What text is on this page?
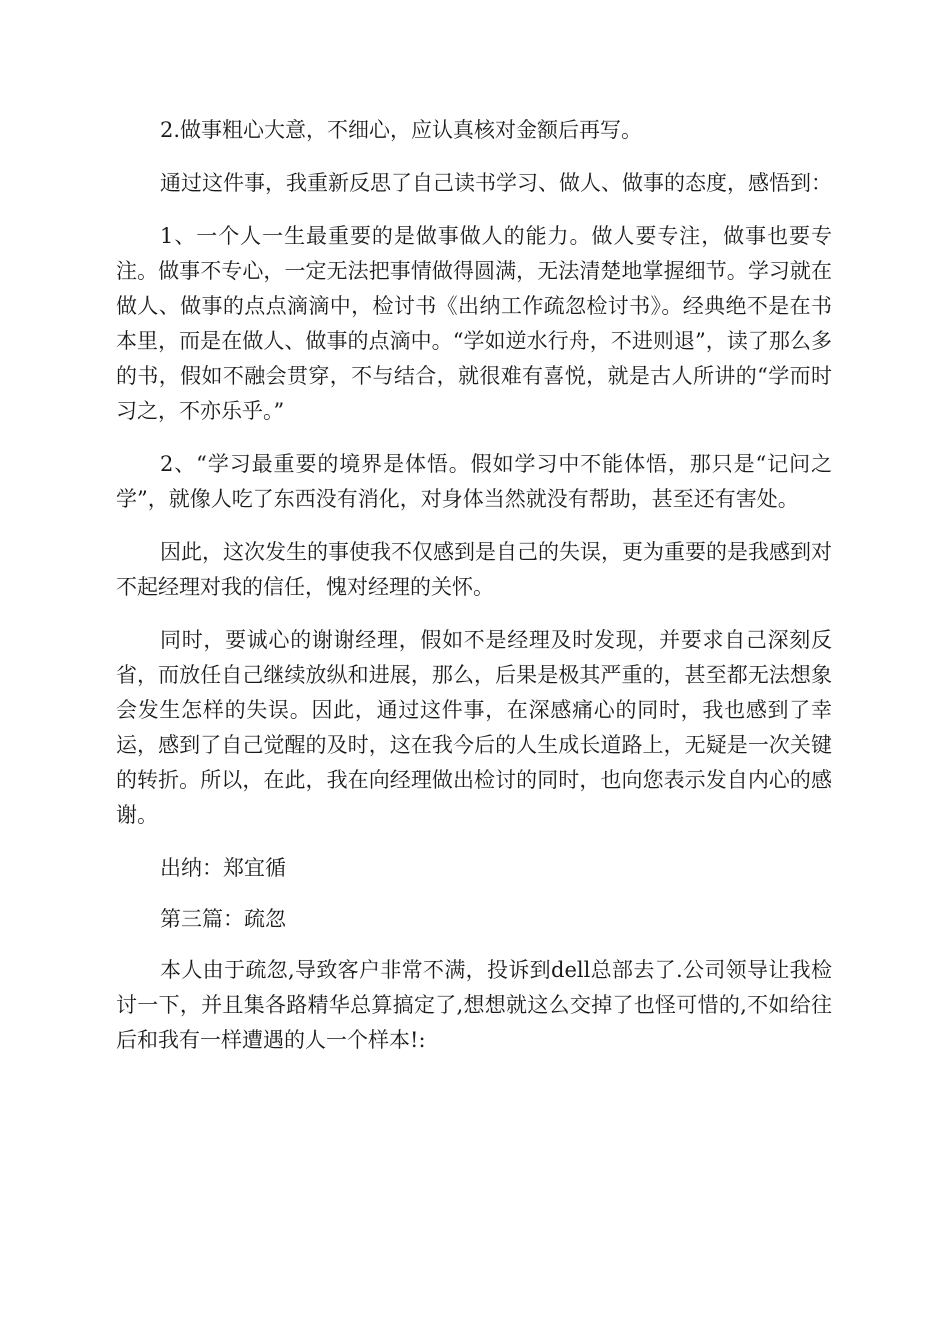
2.做事粗心大意，不细心，应认真核对金额后再写。

通过这件事，我重新反思了自己读书学习、做人、做事的态度，感悟到：

1、一个人一生最重要的是做事做人的能力。做人要专注，做事也要专注。做事不专心，一定无法把事情做得圆满，无法清楚地掌握细节。学习就在做人、做事的点点滴滴中，检讨书《出纳工作疏忽检讨书》。经典绝不是在书本里，而是在做人、做事的点滴中。“学如逆水行舟，不进则退”，读了那么多的书，假如不融会贯穿，不与结合，就很难有喜悦，就是古人所讲的“学而时习之，不亦乐乎。”

2、“学习最重要的境界是体悟。假如学习中不能体悟，那只是“记问之学”，就像人吃了东西没有消化，对身体当然就没有帮助，甚至还有害处。

因此，这次发生的事使我不仅感到是自己的失误，更为重要的是我感到对不起经理对我的信任，愧对经理的关怀。

同时，要诚心的谢谢经理，假如不是经理及时发现，并要求自己深刻反省，而放任自己继续放纵和进展，那么，后果是极其严重的，甚至都无法想象会发生怎样的失误。因此，通过这件事，在深感痛心的同时，我也感到了幸运，感到了自己觉醒的及时，这在我今后的人生成长道路上，无疑是一次关键的转折。所以，在此，我在向经理做出检讨的同时，也向您表示发自内心的感谢。

出纳：郑宜循

第三篇：疏忽

本人由于疏忽,导致客户非常不满，投诉到dell总部去了.公司领导让我检讨一下，并且集各路精华总算搞定了,想想就这么交掉了也怪可惜的,不如给往后和我有一样遭遇的人一个样本!:
